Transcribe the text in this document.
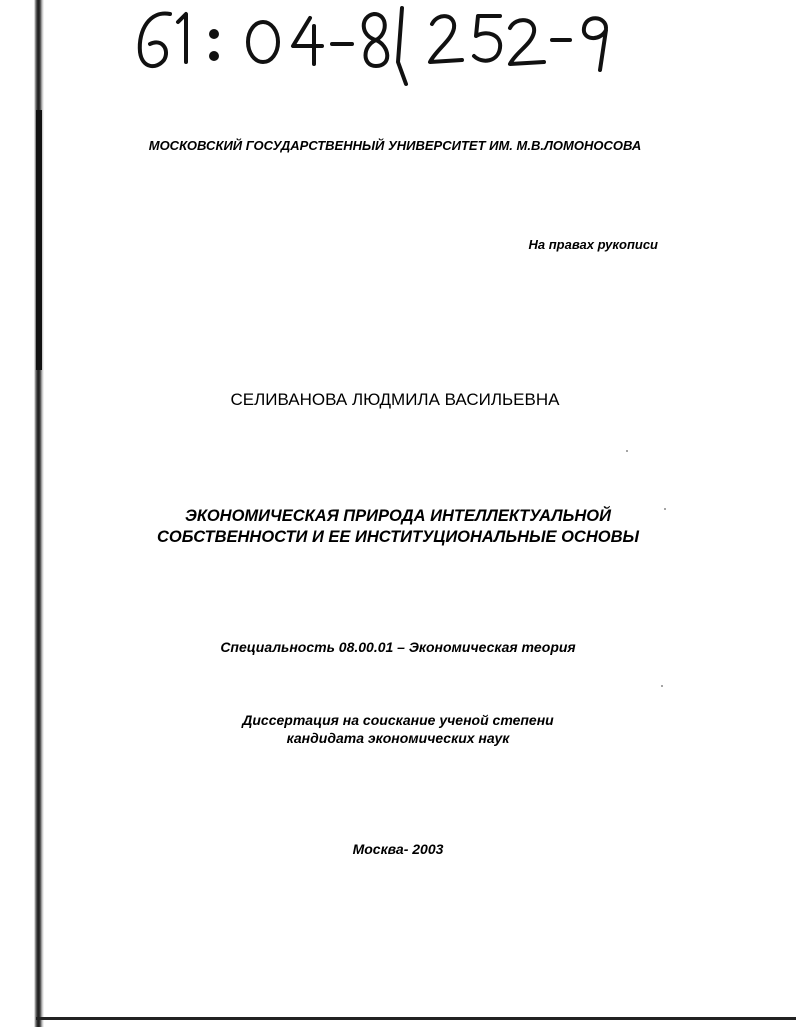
МОСКОВСКИЙ ГОСУДАРСТВЕННЫЙ УНИВЕРСИТЕТ ИМ. М.В.ЛОМОНОСОВА
На правах рукописи
СЕЛИВАНОВА ЛЮДМИЛА ВАСИЛЬЕВНА
ЭКОНОМИЧЕСКАЯ ПРИРОДА ИНТЕЛЛЕКТУАЛЬНОЙ
СОБСТВЕННОСТИ И ЕЕ ИНСТИТУЦИОНАЛЬНЫЕ ОСНОВЫ
Специальность 08.00.01 – Экономическая теория
Диссертация на соискание ученой степени
кандидата экономических наук
Москва- 2003
